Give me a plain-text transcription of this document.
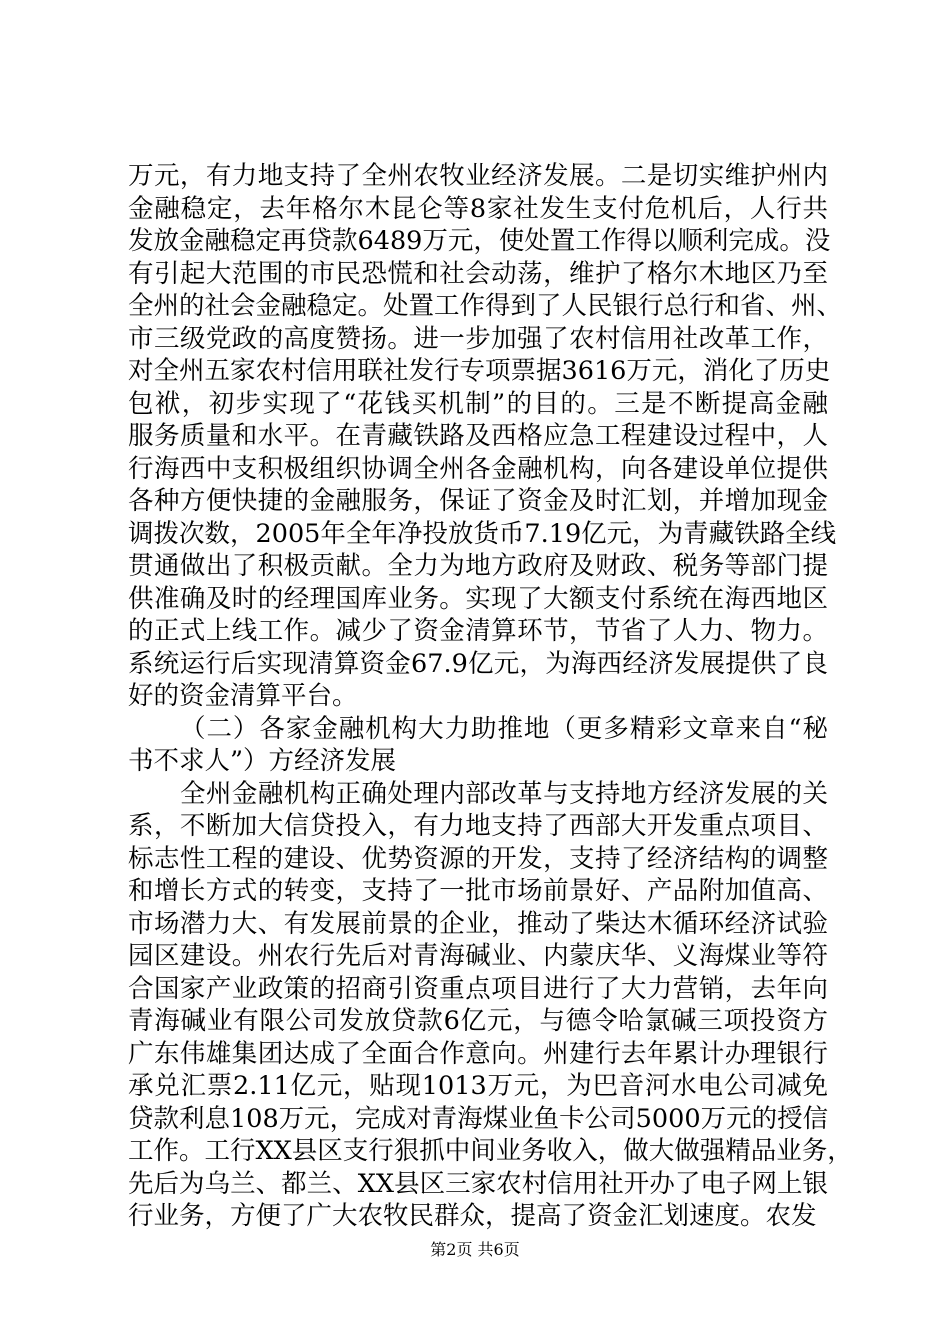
万元，有力地支持了全州农牧业经济发展。二是切实维护州内
金融稳定，去年格尔木昆仑等8家社发生支付危机后，人行共
发放金融稳定再贷款6489万元，使处置工作得以顺利完成。没
有引起大范围的市民恐慌和社会动荡，维护了格尔木地区乃至
全州的社会金融稳定。处置工作得到了人民银行总行和省、州、
市三级党政的高度赞扬。进一步加强了农村信用社改革工作，
对全州五家农村信用联社发行专项票据3616万元，消化了历史
包袱，初步实现了“花钱买机制”的目的。三是不断提高金融
服务质量和水平。在青藏铁路及西格应急工程建设过程中，人
行海西中支积极组织协调全州各金融机构，向各建设单位提供
各种方便快捷的金融服务，保证了资金及时汇划，并增加现金
调拨次数，2005年全年净投放货币7.19亿元，为青藏铁路全线
贯通做出了积极贡献。全力为地方政府及财政、税务等部门提
供准确及时的经理国库业务。实现了大额支付系统在海西地区
的正式上线工作。减少了资金清算环节，节省了人力、物力。
系统运行后实现清算资金67.9亿元，为海西经济发展提供了良
好的资金清算平台。
（二）各家金融机构大力助推地（更多精彩文章来自“秘
书不求人”）方经济发展
全州金融机构正确处理内部改革与支持地方经济发展的关
系，不断加大信贷投入，有力地支持了西部大开发重点项目、
标志性工程的建设、优势资源的开发，支持了经济结构的调整
和增长方式的转变，支持了一批市场前景好、产品附加值高、
市场潜力大、有发展前景的企业，推动了柴达木循环经济试验
园区建设。州农行先后对青海碱业、内蒙庆华、义海煤业等符
合国家产业政策的招商引资重点项目进行了大力营销，去年向
青海碱业有限公司发放贷款6亿元，与德令哈氯碱三项投资方
广东伟雄集团达成了全面合作意向。州建行去年累计办理银行
承兑汇票2.11亿元，贴现1013万元，为巴音河水电公司减免
贷款利息108万元，完成对青海煤业鱼卡公司5000万元的授信
工作。工行XX县区支行狠抓中间业务收入，做大做强精品业务，
先后为乌兰、都兰、XX县区三家农村信用社开办了电子网上银
行业务，方便了广大农牧民群众，提高了资金汇划速度。农发
第2页 共6页
